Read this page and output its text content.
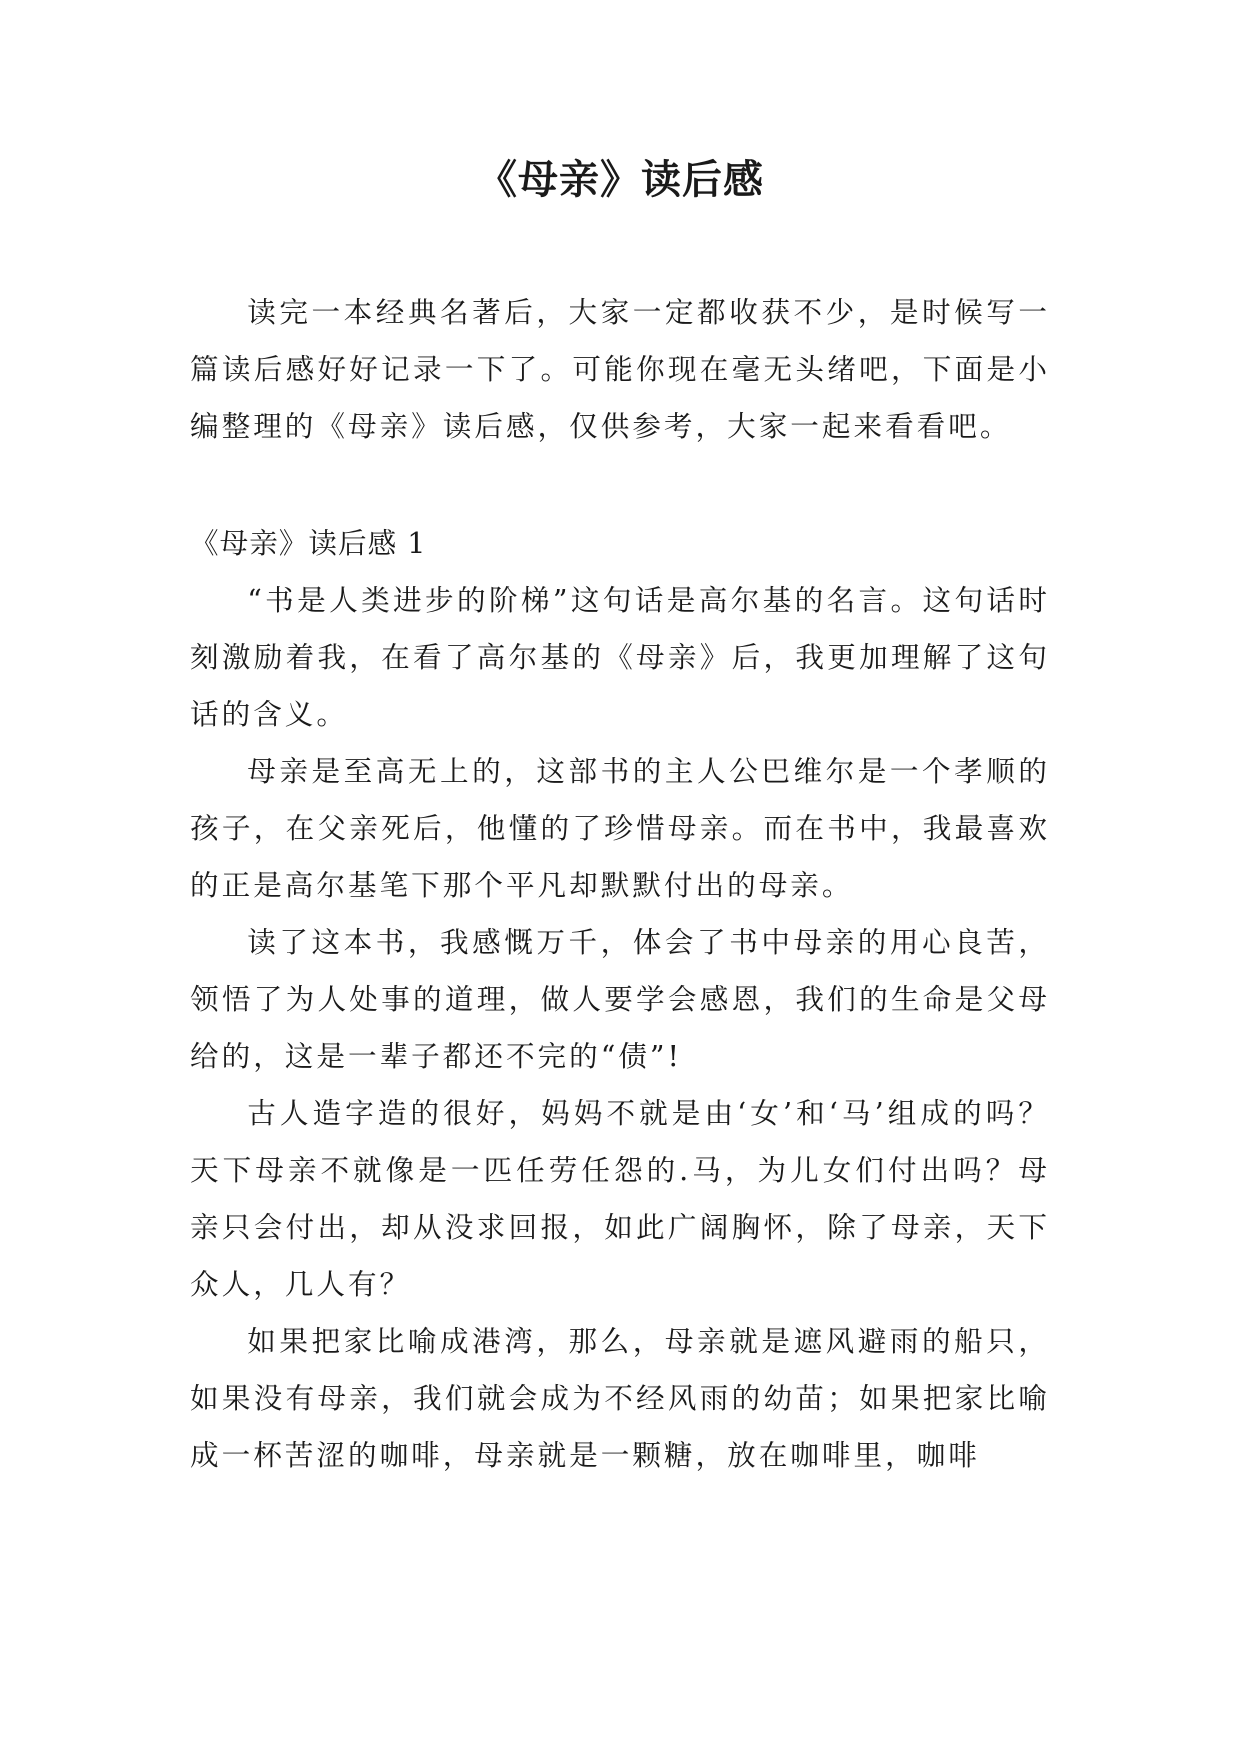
《母亲》读后感

读完一本经典名著后，大家一定都收获不少，是时候写一篇读后感好好记录一下了。可能你现在毫无头绪吧，下面是小编整理的《母亲》读后感，仅供参考，大家一起来看看吧。

《母亲》读后感 1

“书是人类进步的阶梯”这句话是高尔基的名言。这句话时刻激励着我，在看了高尔基的《母亲》后，我更加理解了这句话的含义。

母亲是至高无上的，这部书的主人公巴维尔是一个孝顺的孩子，在父亲死后，他懂的了珍惜母亲。而在书中，我最喜欢的正是高尔基笔下那个平凡却默默付出的母亲。

读了这本书，我感慨万千，体会了书中母亲的用心良苦，领悟了为人处事的道理，做人要学会感恩，我们的生命是父母给的，这是一辈子都还不完的“债”!

古人造字造的很好，妈妈不就是由‘女’和‘马’组成的吗？天下母亲不就像是一匹任劳任怨的.马，为儿女们付出吗？母亲只会付出，却从没求回报，如此广阔胸怀，除了母亲，天下众人，几人有？

如果把家比喻成港湾，那么，母亲就是遮风避雨的船只，如果没有母亲，我们就会成为不经风雨的幼苗；如果把家比喻成一杯苦涩的咖啡，母亲就是一颗糖，放在咖啡里，咖啡
